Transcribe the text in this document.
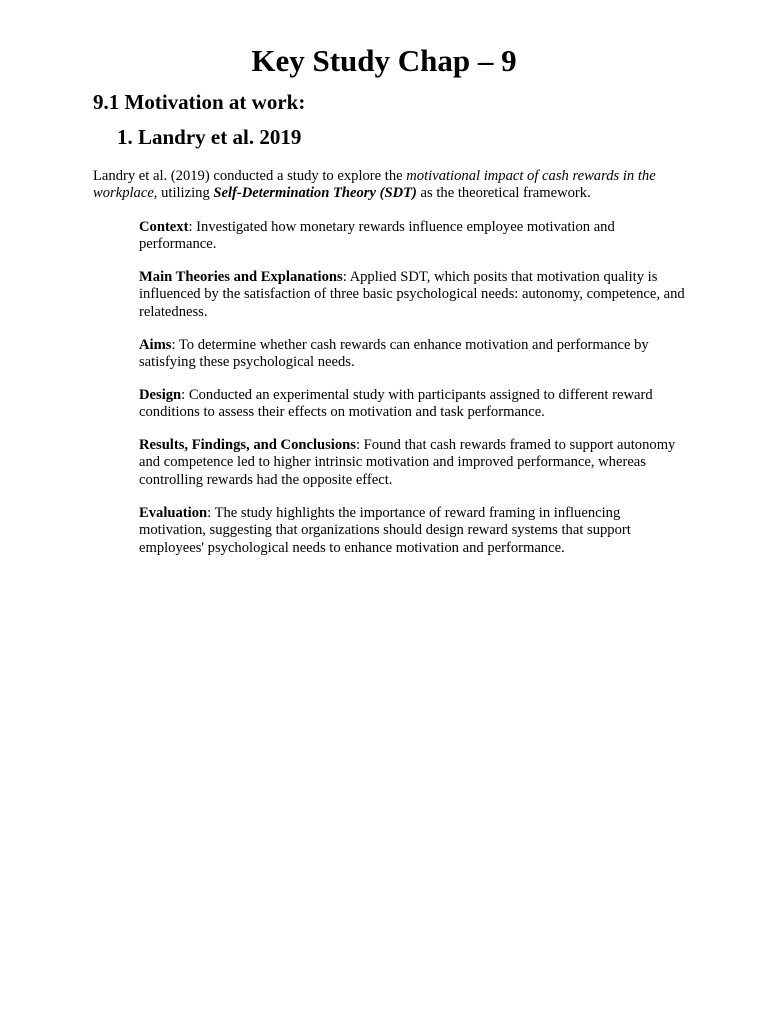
Key Study Chap – 9
9.1 Motivation at work:
1. Landry et al. 2019

Landry et al. (2019) conducted a study to explore the motivational impact of cash rewards in the workplace, utilizing Self-Determination Theory (SDT) as the theoretical framework.

Context: Investigated how monetary rewards influence employee motivation and performance.

Main Theories and Explanations: Applied SDT, which posits that motivation quality is influenced by the satisfaction of three basic psychological needs: autonomy, competence, and relatedness.

Aims: To determine whether cash rewards can enhance motivation and performance by satisfying these psychological needs.

Design: Conducted an experimental study with participants assigned to different reward conditions to assess their effects on motivation and task performance.

Results, Findings, and Conclusions: Found that cash rewards framed to support autonomy and competence led to higher intrinsic motivation and improved performance, whereas controlling rewards had the opposite effect.

Evaluation: The study highlights the importance of reward framing in influencing motivation, suggesting that organizations should design reward systems that support employees' psychological needs to enhance motivation and performance.
